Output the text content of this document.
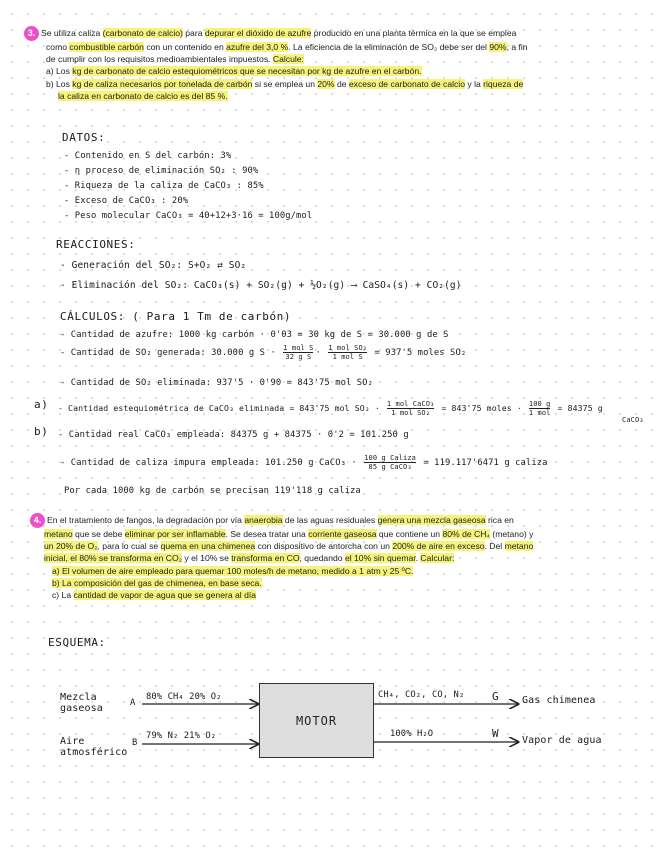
3. Se utiliza caliza (carbonato de calcio) para depurar el dióxido de azufre producido en una planta térmica en la que se emplea
como combustible carbón con un contenido en azufre del 3,0 %. La eficiencia de la eliminación de SO₂ debe ser del 90%, a fin
de cumplir con los requisitos medioambientales impuestos. Calcule:
a) Los kg de carbonato de calcio estequiométricos que se necesitan por kg de azufre en el carbón.
b) Los kg de caliza necesarios por tonelada de carbón si se emplea un 20% de exceso de carbonato de calcio y la riqueza de
la caliza en carbonato de calcio es del 85 %.
DATOS:
- Contenido en S del carbón: 3%
- η proceso de eliminación SO₂ : 90%
- Riqueza de la caliza de CaCO₃ : 85%
- Exceso de CaCO₃ : 20%
- Peso molecular CaCO₃ = 40+12+3·16 = 100g/mol
REACCIONES:
- Generación del SO₂: S+O₂ ⇄ SO₂
- Eliminación del SO₂: CaCO₃(s) + SO₂(g) + ½O₂(g) ⟶ CaSO₄(s) + CO₂(g)
CÁLCULOS: ( Para 1 Tm de carbón)
- Cantidad de azufre: 1000 kg carbón · 0'03 = 30 kg de S = 30.000 g de S
- Cantidad de SO₂ generada: 30.000 g $S \cdot \frac{\text{1 mol S}}{\text{32 g S}} \cdot \frac{\text{1 mol SO₂}}{\text{1 mol S}} = 937'5$ moles SO₂
- Cantidad de SO₂ eliminada: 937'5 · 0'90 = 843'75 mol SO₂
a) - Cantidad estequiométrica de CaCO₃ eliminada = 843'75 mol $SO_2 \cdot \frac{\text{1 mol CaCO₃}}{\text{1 mol SO₂}} = 843'75$ moles · $\frac{100 g}{\text{1 mol}} = 84375$ g
CaCO₃
b) - Cantidad real CaCO₃ empleada: 84375 g + 84375 · 0'2 = 101.250 g
- Cantidad de caliza impura empleada: 101.250 g CaCO₃ · $\frac{\text{100 g Caliza}}{\text{85 g CaCO₃}} = 119.117'6471$ g caliza
Por cada 1000 kg de carbón se precisan 119'118 g caliza
4. En el tratamiento de fangos, la degradación por vía anaerobia de las aguas residuales genera una mezcla gaseosa rica en
metano que se debe eliminar por ser inflamable. Se desea tratar una corriente gaseosa que contiene un 80% de CH₄ (metano) y
un 20% de O₂, para lo cual se quema en una chimenea con dispositivo de antorcha con un 200% de aire en exceso. Del metano
inicial, el 80% se transforma en CO₂ y el 10% se transforma en CO, quedando el 10% sin quemar. Calcular:
a) El volumen de aire empleado para quemar 100 moles/h de metano, medido a 1 atm y 25 ºC.
b) La composición del gas de chimenea, en base seca.
c) La cantidad de vapor de agua que se genera al día
ESQUEMA:
MOTOR
Mezcla gaseosa	A
80% CH₄ 20% O₂
Aire atmosférico
B
79% N₂ 21% O₂
CH₄, CO₂, CO, N₂	G Gas chimenea
100% H₂O	W
Vapor de agua
